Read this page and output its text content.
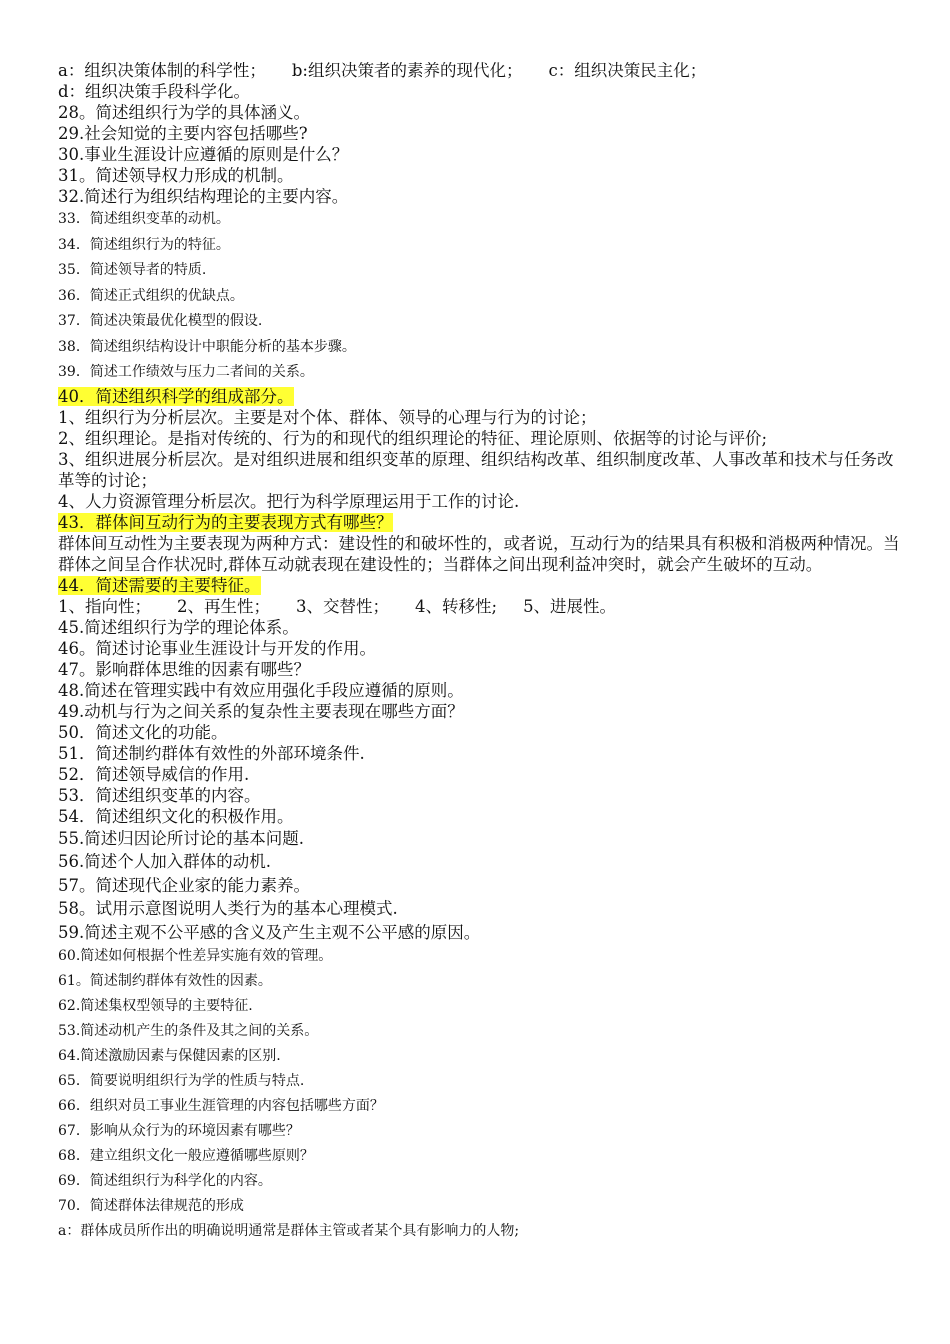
a：组织决策体制的科学性； b:组织决策者的素养的现代化； c：组织决策民主化；
d：组织决策手段科学化。
28。简述组织行为学的具体涵义。
29.社会知觉的主要内容包括哪些?
30.事业生涯设计应遵循的原则是什么？
31。简述领导权力形成的机制。
32.简述行为组织结构理论的主要内容。
33．简述组织变革的动机。
34．简述组织行为的特征。
35．简述领导者的特质.
36．简述正式组织的优缺点。
37．简述决策最优化模型的假设.
38．简述组织结构设计中职能分析的基本步骤。
39．简述工作绩效与压力二者间的关系。
40．简述组织科学的组成部分。
1、组织行为分析层次。主要是对个体、群体、领导的心理与行为的讨论；
2、组织理论。是指对传统的、行为的和现代的组织理论的特征、理论原则、依据等的讨论与评价;
3、组织进展分析层次。是对组织进展和组织变革的原理、组织结构改革、组织制度改革、人事改革和技术与任务改革等的讨论；
4、人力资源管理分析层次。把行为科学原理运用于工作的讨论.
43．群体间互动行为的主要表现方式有哪些？
群体间互动性为主要表现为两种方式：建设性的和破坏性的，或者说，互动行为的结果具有积极和消极两种情况。当群体之间呈合作状况时,群体互动就表现在建设性的；当群体之间出现利益冲突时，就会产生破坏的互动。
44．简述需要的主要特征。
1、指向性； 2、再生性； 3、交替性； 4、转移性; 5、进展性。
45.简述组织行为学的理论体系。
46。简述讨论事业生涯设计与开发的作用。
47。影响群体思维的因素有哪些？
48.简述在管理实践中有效应用强化手段应遵循的原则。
49.动机与行为之间关系的复杂性主要表现在哪些方面？
50．简述文化的功能。
51．简述制约群体有效性的外部环境条件.
52．简述领导威信的作用.
53．简述组织变革的内容。
54．简述组织文化的积极作用。
55.简述归因论所讨论的基本问题.
56.简述个人加入群体的动机.
57。简述现代企业家的能力素养。
58。试用示意图说明人类行为的基本心理模式.
59.简述主观不公平感的含义及产生主观不公平感的原因。
60.简述如何根据个性差异实施有效的管理。
61。简述制约群体有效性的因素。
62.简述集权型领导的主要特征.
53.简述动机产生的条件及其之间的关系。
64.简述激励因素与保健因素的区别.
65．简要说明组织行为学的性质与特点.
66．组织对员工事业生涯管理的内容包括哪些方面？
67．影响从众行为的环境因素有哪些？
68．建立组织文化一般应遵循哪些原则？
69．简述组织行为科学化的内容。
70．简述群体法律规范的形成
a：群体成员所作出的明确说明通常是群体主管或者某个具有影响力的人物;
